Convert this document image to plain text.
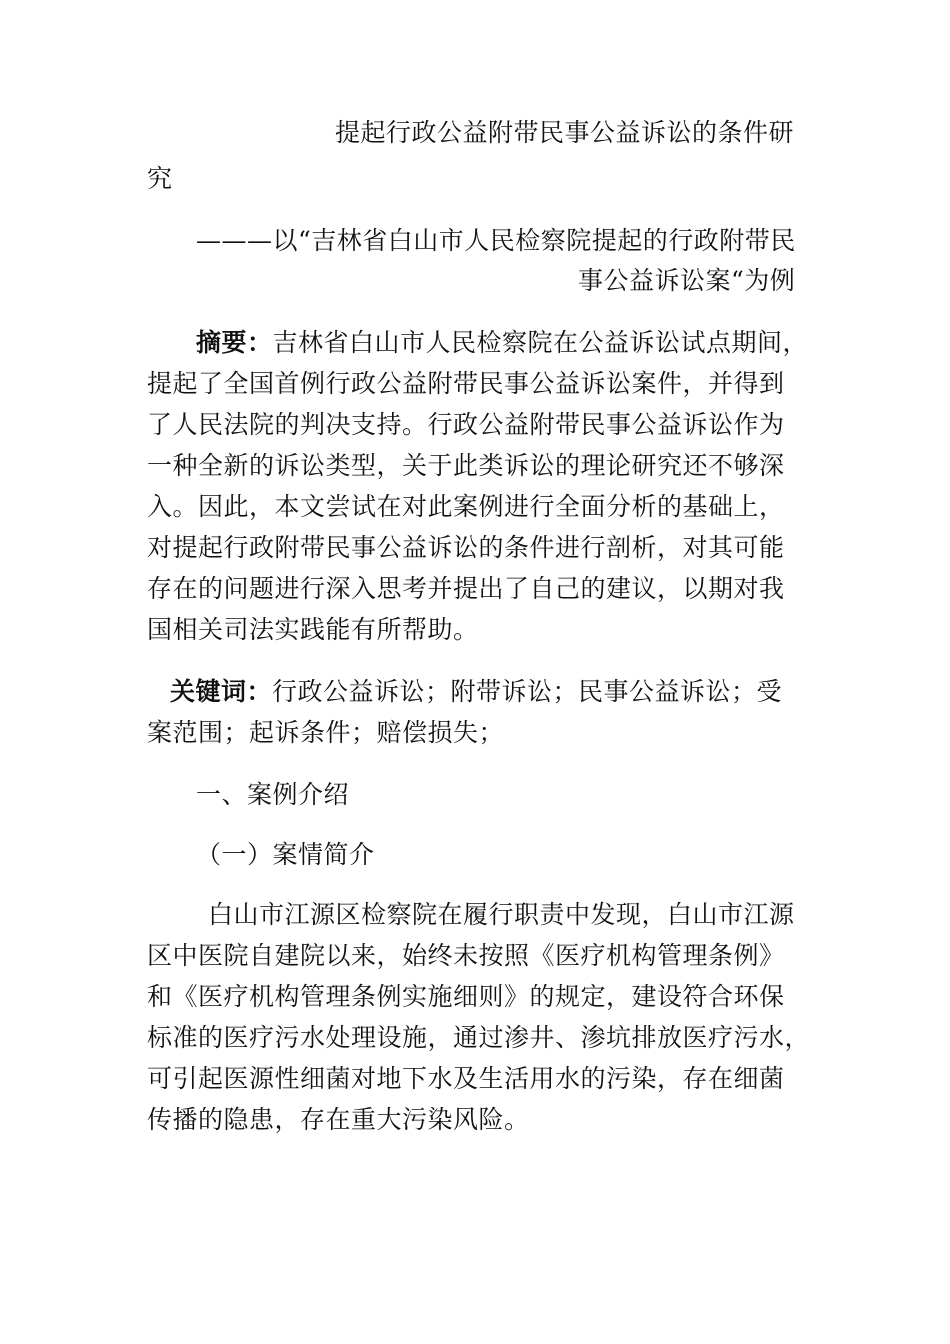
提起行政公益附带民事公益诉讼的条件研

究

———以“吉林省白山市人民检察院提起的行政附带民

事公益诉讼案“为例

摘要：吉林省白山市人民检察院在公益诉讼试点期间，

提起了全国首例行政公益附带民事公益诉讼案件，并得到

了人民法院的判决支持。行政公益附带民事公益诉讼作为

一种全新的诉讼类型，关于此类诉讼的理论研究还不够深

入。因此，本文尝试在对此案例进行全面分析的基础上，

对提起行政附带民事公益诉讼的条件进行剖析，对其可能

存在的问题进行深入思考并提出了自己的建议，以期对我

国相关司法实践能有所帮助。

关键词：行政公益诉讼；附带诉讼；民事公益诉讼；受

案范围；起诉条件；赔偿损失；

一、案例介绍

（一）案情简介

白山市江源区检察院在履行职责中发现，白山市江源

区中医院自建院以来，始终未按照《医疗机构管理条例》

和《医疗机构管理条例实施细则》的规定，建设符合环保

标准的医疗污水处理设施，通过渗井、渗坑排放医疗污水，

可引起医源性细菌对地下水及生活用水的污染，存在细菌

传播的隐患，存在重大污染风险。
